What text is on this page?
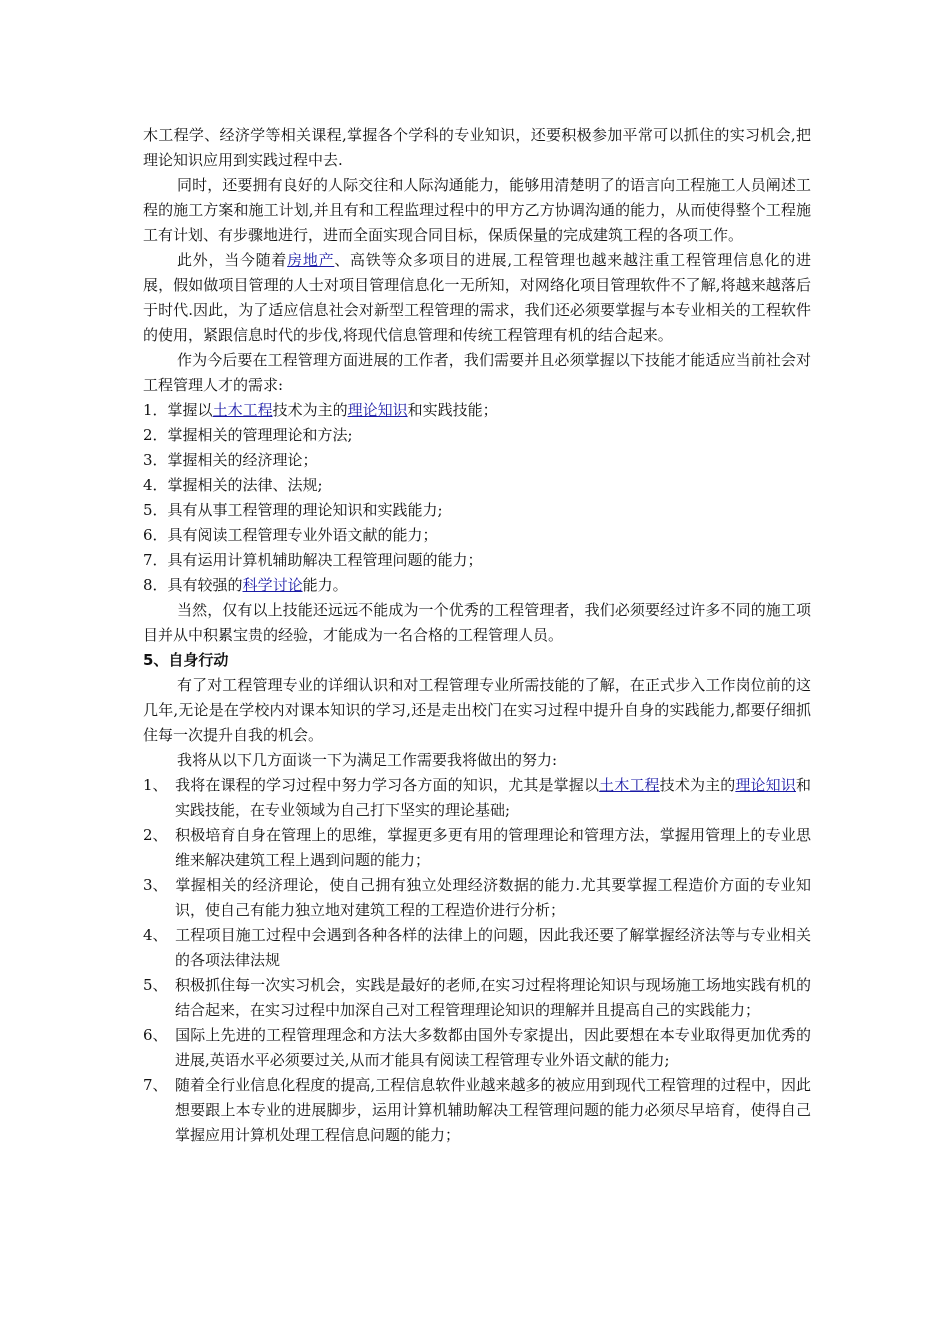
木工程学、经济学等相关课程,掌握各个学科的专业知识，还要积极参加平常可以抓住的实习机会,把理论知识应用到实践过程中去.

同时，还要拥有良好的人际交往和人际沟通能力，能够用清楚明了的语言向工程施工人员阐述工程的施工方案和施工计划,并且有和工程监理过程中的甲方乙方协调沟通的能力，从而使得整个工程施工有计划、有步骤地进行，进而全面实现合同目标，保质保量的完成建筑工程的各项工作。

此外，当今随着房地产、高铁等众多项目的进展,工程管理也越来越注重工程管理信息化的进展，假如做项目管理的人士对项目管理信息化一无所知，对网络化项目管理软件不了解,将越来越落后于时代.因此，为了适应信息社会对新型工程管理的需求，我们还必须要掌握与本专业相关的工程软件的使用，紧跟信息时代的步伐,将现代信息管理和传统工程管理有机的结合起来。

作为今后要在工程管理方面进展的工作者，我们需要并且必须掌握以下技能才能适应当前社会对工程管理人才的需求:

1．掌握以土木工程技术为主的理论知识和实践技能；

2．掌握相关的管理理论和方法;

3．掌握相关的经济理论；

4．掌握相关的法律、法规;

5．具有从事工程管理的理论知识和实践能力;

6．具有阅读工程管理专业外语文献的能力；

7．具有运用计算机辅助解决工程管理问题的能力；

8．具有较强的科学讨论能力。

当然，仅有以上技能还远远不能成为一个优秀的工程管理者，我们必须要经过许多不同的施工项目并从中积累宝贵的经验，才能成为一名合格的工程管理人员。

5、自身行动

有了对工程管理专业的详细认识和对工程管理专业所需技能的了解，在正式步入工作岗位前的这几年,无论是在学校内对课本知识的学习,还是走出校门在实习过程中提升自身的实践能力,都要仔细抓住每一次提升自我的机会。

我将从以下几方面谈一下为满足工作需要我将做出的努力:

1、 我将在课程的学习过程中努力学习各方面的知识，尤其是掌握以土木工程技术为主的理论知识和实践技能，在专业领域为自己打下坚实的理论基础;

2、 积极培育自身在管理上的思维，掌握更多更有用的管理理论和管理方法，掌握用管理上的专业思维来解决建筑工程上遇到问题的能力；

3、 掌握相关的经济理论，使自己拥有独立处理经济数据的能力.尤其要掌握工程造价方面的专业知识，使自己有能力独立地对建筑工程的工程造价进行分析；

4、 工程项目施工过程中会遇到各种各样的法律上的问题，因此我还要了解掌握经济法等与专业相关的各项法律法规

5、 积极抓住每一次实习机会，实践是最好的老师,在实习过程将理论知识与现场施工场地实践有机的结合起来，在实习过程中加深自己对工程管理理论知识的理解并且提高自己的实践能力；

6、 国际上先进的工程管理理念和方法大多数都由国外专家提出，因此要想在本专业取得更加优秀的进展,英语水平必须要过关,从而才能具有阅读工程管理专业外语文献的能力;

7、 随着全行业信息化程度的提高,工程信息软件业越来越多的被应用到现代工程管理的过程中，因此想要跟上本专业的进展脚步，运用计算机辅助解决工程管理问题的能力必须尽早培育，使得自己掌握应用计算机处理工程信息问题的能力；
